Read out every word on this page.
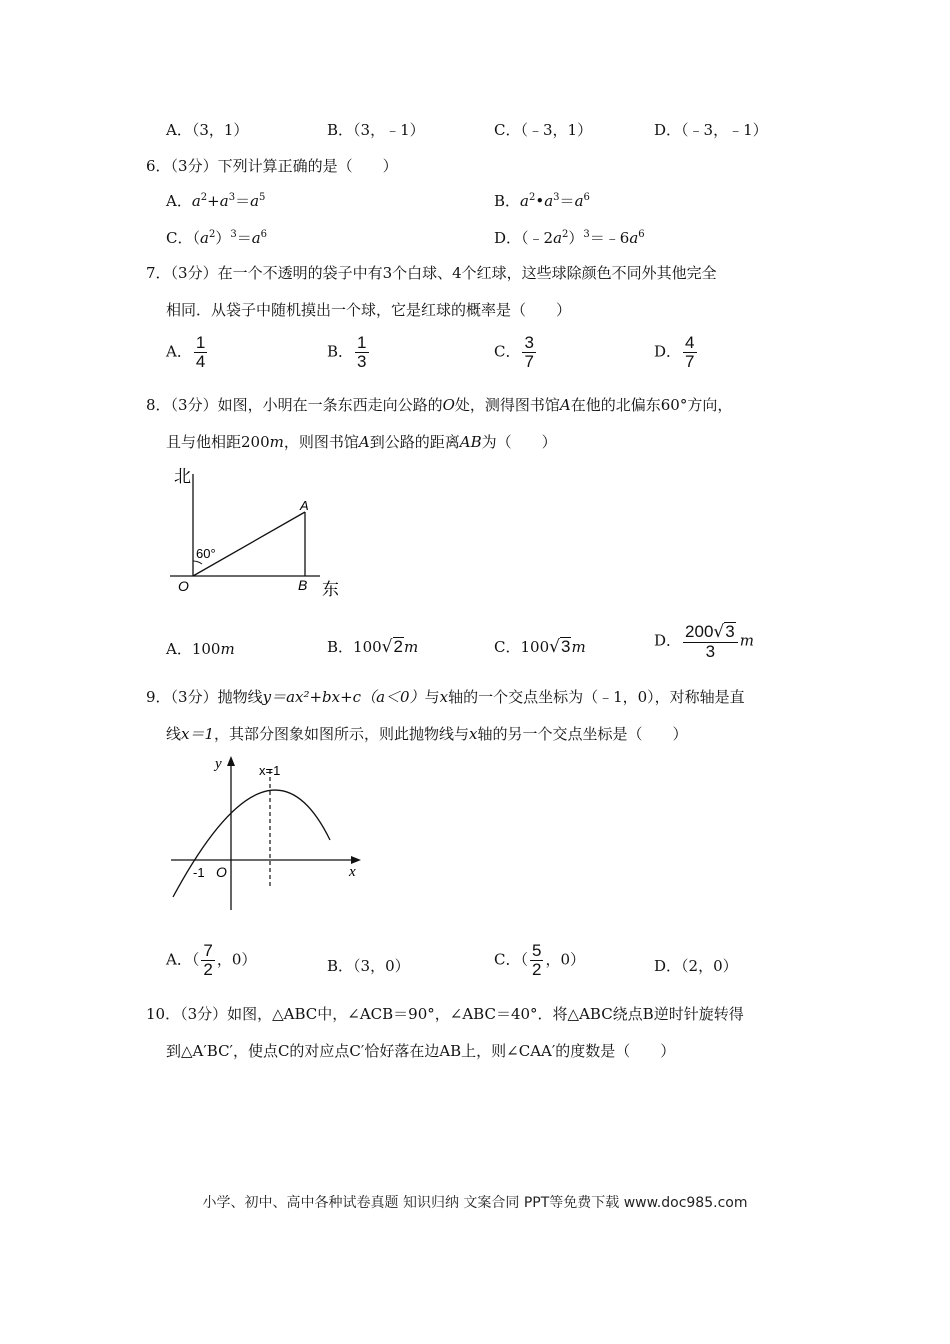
A．（3，1）	B．（3，﹣1）	C．（﹣3，1）	D．（﹣3，﹣1）
6．（3分）下列计算正确的是（　　）
A．$a^2+a^3=a^5$	B．$a^2•a^3=a^6$
C．$(a^2)^3=a^6$	D．$(﹣2a^2)^3=﹣6a^6$
7．（3分）在一个不透明的袋子中有3个白球、4个红球，这些球除颜色不同外其他完全
相同．从袋子中随机摸出一个球，它是红球的概率是（　　）
A． $\frac{1}{4}$	B． $\frac{1}{3}$	C． $\frac{3}{7}$	D． $\frac{4}{7}$
8．（3分）如图，小明在一条东西走向公路的O处，测得图书馆A在他的北偏东60°方向，
且与他相距200m，则图书馆A到公路的距离AB为（　　）
北
东
60°
O
A
B
A．100m	B．100√2m	C．100√3m	D． $\frac{200√3}{3}$ m
9．（3分）抛物线y＝ax²+bx+c（a＜0）与x轴的一个交点坐标为（﹣1，0），对称轴是直
线x＝1，其部分图象如图所示，则此抛物线与x轴的另一个交点坐标是（　　）
y
x
x=1
-1 O
A．（ $\frac{7}{2}$ ，0）	B．（3，0）	C．（ $\frac{5}{2}$ ，0）	D．（2，0）
10．（3分）如图，△ABC中，∠ACB＝90°，∠ABC＝40°．将△ABC绕点B逆时针旋转得
到△A′BC′，使点C的对应点C′恰好落在边AB上，则∠CAA′的度数是（　　）
小学、初中、高中各种试卷真题 知识归纳 文案合同 PPT等免费下载 www.doc985.com
